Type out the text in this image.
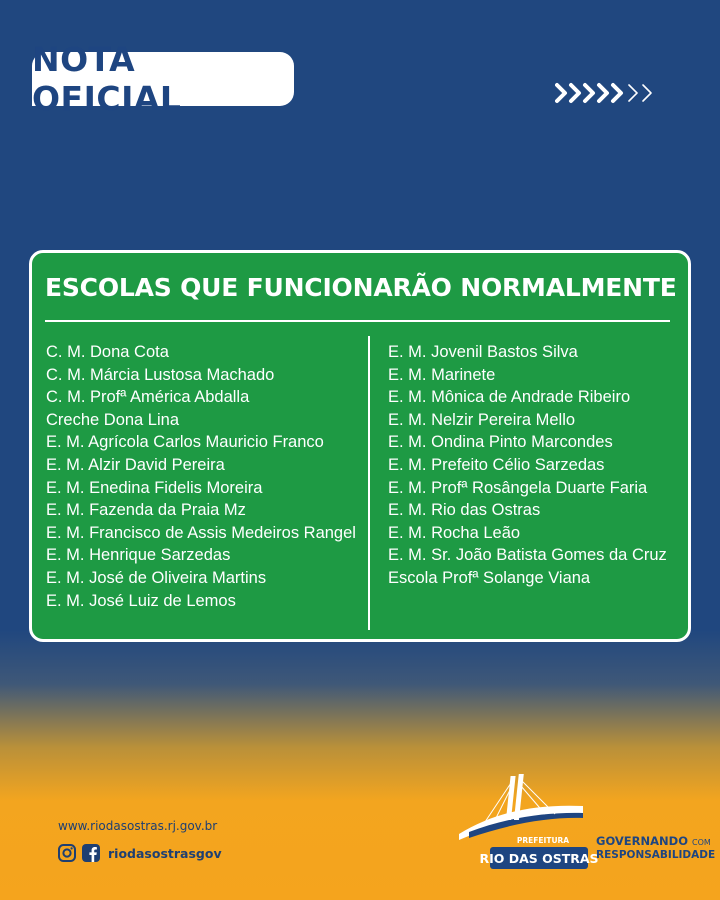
NOTA OFICIAL
ESCOLAS QUE FUNCIONARÃO NORMALMENTE
C. M. Dona Cota
C. M. Márcia Lustosa Machado
C. M. Profª América Abdalla
Creche Dona Lina
E. M. Agrícola Carlos Mauricio Franco
E. M. Alzir David Pereira
E. M. Enedina Fidelis Moreira
E. M. Fazenda da Praia Mz
E. M. Francisco de Assis Medeiros Rangel
E. M. Henrique Sarzedas
E. M. José de Oliveira Martins
E. M. José Luiz de Lemos
E. M. Jovenil Bastos Silva
E. M. Marinete
E. M. Mônica de Andrade Ribeiro
E. M. Nelzir Pereira Mello
E. M. Ondina Pinto Marcondes
E. M. Prefeito Célio Sarzedas
E. M. Profª Rosângela Duarte Faria
E. M. Rio das Ostras
E. M. Rocha Leão
E. M. Sr. João Batista Gomes da Cruz
Escola Profª Solange Viana
www.riodasostras.rj.gov.br
riodasostrasgov
PREFEITURA
RIO DAS OSTRAS
GOVERNANDO COM
RESPONSABILIDADE
